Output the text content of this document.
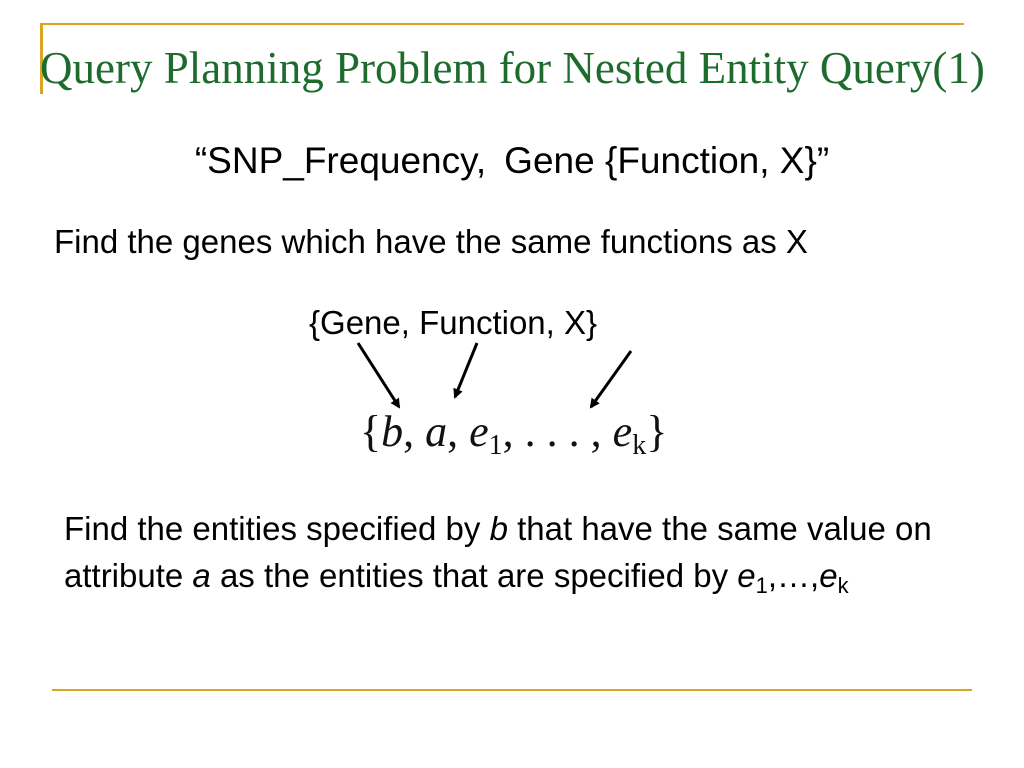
Query Planning Problem for Nested Entity Query(1)
“SNP_Frequency, Gene {Function, X}”
Find the genes which have the same functions as X
{Gene, Function, X}
{b, a, $e_1$, . . . , $e_k$}
Find the entities specified by b that have the same value on attribute a as the entities that are specified by $e_1,\dots,e_k$
